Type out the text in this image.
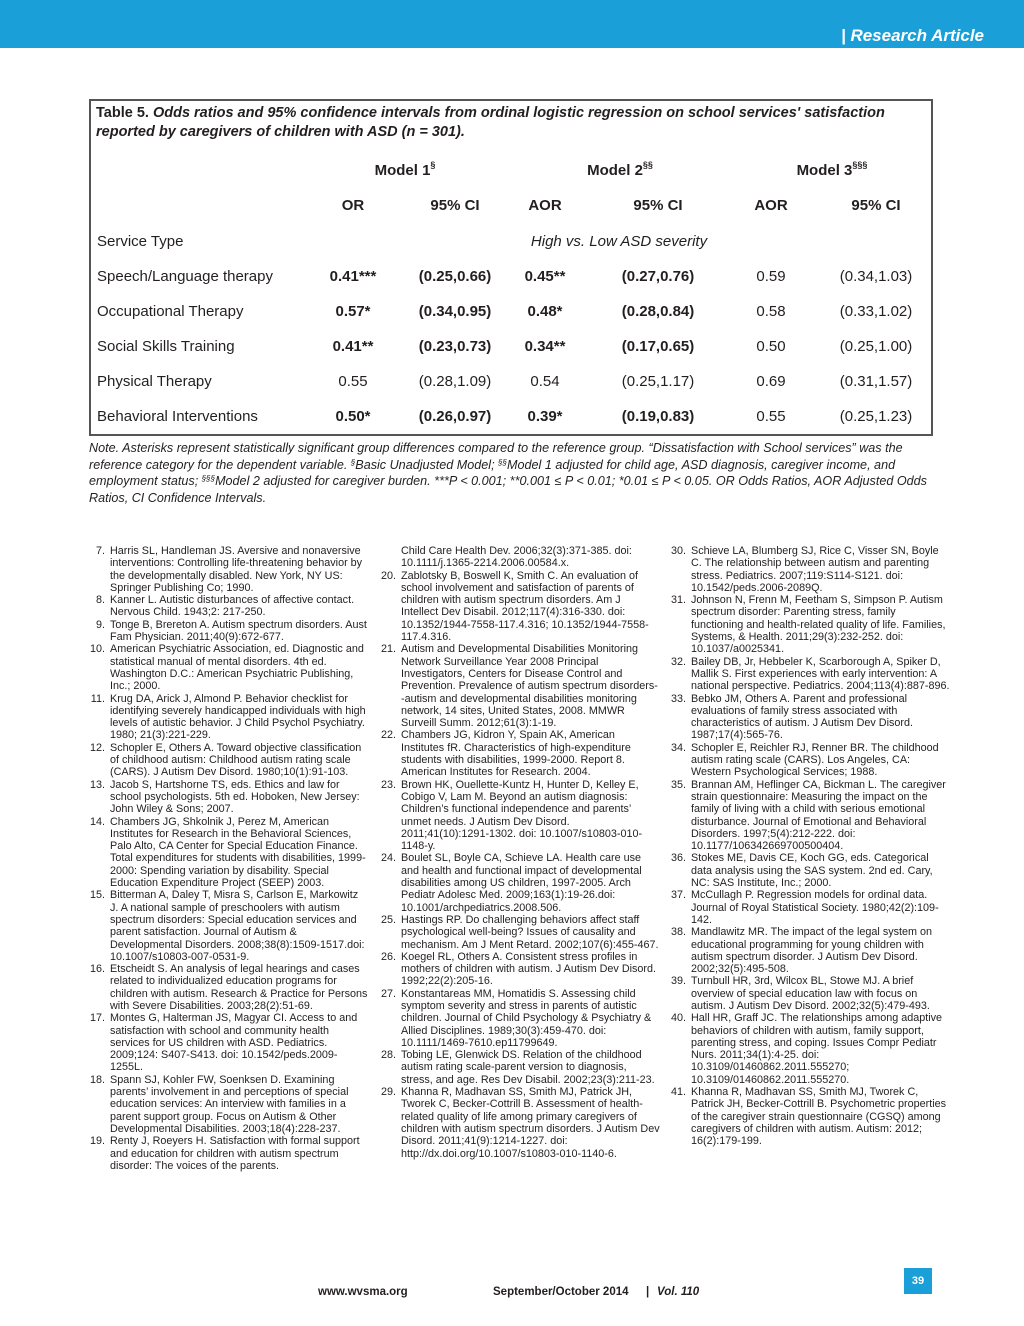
| Research Article
Table 5. Odds ratios and 95% confidence intervals from ordinal logistic regression on school services' satisfaction reported by caregivers of children with ASD (n = 301).
Model 1§	Model 2§§	Model 3§§§
OR	95% CI	AOR	95% CI	AOR	95% CI
Service Type	High vs. Low ASD severity
Speech/Language therapy	0.41***	(0.25,0.66) 0.45**	(0.27,0.76)	0.59	(0.34,1.03)
Occupational Therapy	0.57*	(0.34,0.95) 0.48*	(0.28,0.84)	0.58	(0.33,1.02)
Social Skills Training	0.41**	(0.23,0.73) 0.34**	(0.17,0.65)	0.50	(0.25,1.00)
Physical Therapy	0.55	(0.28,1.09)	0.54	(0.25,1.17)	0.69	(0.31,1.57)
Behavioral Interventions	0.50*	(0.26,0.97) 0.39*	(0.19,0.83)	0.55	(0.25,1.23)
Note. Asterisks represent statistically significant group differences compared to the reference group. “Dissatisfaction with School services” was the reference category for the dependent variable. §Basic Unadjusted Model; §§Model 1 adjusted for child age, ASD diagnosis, caregiver income, and employment status; §§§Model 2 adjusted for caregiver burden. ***P < 0.001; **0.001 ≤ P < 0.01; *0.01 ≤ P < 0.05. OR Odds Ratios, AOR Adjusted Odds Ratios, CI Confidence Intervals.
7. Harris SL, Handleman JS. Aversive and nonaversive interventions: Controlling life-threatening behavior by the developmentally disabled. New York, NY US: Springer Publishing Co; 1990.
8. Kanner L. Autistic disturbances of affective contact. Nervous Child. 1943;2: 217-250.
9. Tonge B, Brereton A. Autism spectrum disorders. Aust Fam Physician. 2011;40(9):672-677.
10. American Psychiatric Association, ed. Diagnostic and statistical manual of mental disorders. 4th ed. Washington D.C.: American Psychiatric Publishing, Inc.; 2000.
11. Krug DA, Arick J, Almond P. Behavior checklist for identifying severely handicapped individuals with high levels of autistic behavior. J Child Psychol Psychiatry. 1980; 21(3):221-229.
12. Schopler E, Others A. Toward objective classification of childhood autism: Childhood autism rating scale (CARS). J Autism Dev Disord. 1980;10(1):91-103.
13. Jacob S, Hartshorne TS, eds. Ethics and law for school psychologists. 5th ed. Hoboken, New Jersey: John Wiley & Sons; 2007.
14. Chambers JG, Shkolnik J, Perez M, American Institutes for Research in the Behavioral Sciences, Palo Alto, CA Center for Special Education Finance. Total expenditures for students with disabilities, 1999-2000: Spending variation by disability. Special Education Expenditure Project (SEEP) 2003.
15. Bitterman A, Daley T, Misra S, Carlson E, Markowitz J. A national sample of preschoolers with autism spectrum disorders: Special education services and parent satisfaction. Journal of Autism & Developmental Disorders. 2008;38(8):1509-1517.doi: 10.1007/s10803-007-0531-9.
16. Etscheidt S. An analysis of legal hearings and cases related to individualized education programs for children with autism. Research & Practice for Persons with Severe Disabilities. 2003;28(2):51-69.
17. Montes G, Halterman JS, Magyar CI. Access to and satisfaction with school and community health services for US children with ASD. Pediatrics. 2009;124: S407-S413. doi: 10.1542/peds.2009-1255L.
18. Spann SJ, Kohler FW, Soenksen D. Examining parents’ involvement in and perceptions of special education services: An interview with families in a parent support group. Focus on Autism & Other Developmental Disabilities. 2003;18(4):228-237.
19. Renty J, Roeyers H. Satisfaction with formal support and education for children with autism spectrum disorder: The voices of the parents.
Child Care Health Dev. 2006;32(3):371-385. doi: 10.1111/j.1365-2214.2006.00584.x.
20. Zablotsky B, Boswell K, Smith C. An evaluation of school involvement and satisfaction of parents of children with autism spectrum disorders. Am J Intellect Dev Disabil. 2012;117(4):316-330. doi: 10.1352/1944-7558-117.4.316; 10.1352/1944-7558-117.4.316.
21. Autism and Developmental Disabilities Monitoring Network Surveillance Year 2008 Principal Investigators, Centers for Disease Control and Prevention. Prevalence of autism spectrum disorders--autism and developmental disabilities monitoring network, 14 sites, United States, 2008. MMWR Surveill Summ. 2012;61(3):1-19.
22. Chambers JG, Kidron Y, Spain AK, American Institutes fR. Characteristics of high-expenditure students with disabilities, 1999-2000. Report 8. American Institutes for Research. 2004.
23. Brown HK, Ouellette-Kuntz H, Hunter D, Kelley E, Cobigo V, Lam M. Beyond an autism diagnosis: Children’s functional independence and parents’ unmet needs. J Autism Dev Disord. 2011;41(10):1291-1302. doi: 10.1007/s10803-010-1148-y.
24. Boulet SL, Boyle CA, Schieve LA. Health care use and health and functional impact of developmental disabilities among US children, 1997-2005. Arch Pediatr Adolesc Med. 2009;163(1):19-26.doi: 10.1001/archpediatrics.2008.506.
25. Hastings RP. Do challenging behaviors affect staff psychological well-being? Issues of causality and mechanism. Am J Ment Retard. 2002;107(6):455-467.
26. Koegel RL, Others A. Consistent stress profiles in mothers of children with autism. J Autism Dev Disord. 1992;22(2):205-16.
27. Konstantareas MM, Homatidis S. Assessing child symptom severity and stress in parents of autistic children. Journal of Child Psychology & Psychiatry & Allied Disciplines. 1989;30(3):459-470. doi: 10.1111/1469-7610.ep11799649.
28. Tobing LE, Glenwick DS. Relation of the childhood autism rating scale-parent version to diagnosis, stress, and age. Res Dev Disabil. 2002;23(3):211-23.
29. Khanna R, Madhavan SS, Smith MJ, Patrick JH, Tworek C, Becker-Cottrill B. Assessment of health-related quality of life among primary caregivers of children with autism spectrum disorders. J Autism Dev Disord. 2011;41(9):1214-1227. doi: http://dx.doi.org/10.1007/s10803-010-1140-6.
30. Schieve LA, Blumberg SJ, Rice C, Visser SN, Boyle C. The relationship between autism and parenting stress. Pediatrics. 2007;119:S114-S121. doi: 10.1542/peds.2006-2089Q.
31. Johnson N, Frenn M, Feetham S, Simpson P. Autism spectrum disorder: Parenting stress, family functioning and health-related quality of life. Families, Systems, & Health. 2011;29(3):232-252. doi: 10.1037/a0025341.
32. Bailey DB, Jr, Hebbeler K, Scarborough A, Spiker D, Mallik S. First experiences with early intervention: A national perspective. Pediatrics. 2004;113(4):887-896.
33. Bebko JM, Others A. Parent and professional evaluations of family stress associated with characteristics of autism. J Autism Dev Disord. 1987;17(4):565-76.
34. Schopler E, Reichler RJ, Renner BR. The childhood autism rating scale (CARS). Los Angeles, CA: Western Psychological Services; 1988.
35. Brannan AM, Heflinger CA, Bickman L. The caregiver strain questionnaire: Measuring the impact on the family of living with a child with serious emotional disturbance. Journal of Emotional and Behavioral Disorders. 1997;5(4):212-222. doi: 10.1177/106342669700500404.
36. Stokes ME, Davis CE, Koch GG, eds. Categorical data analysis using the SAS system. 2nd ed. Cary, NC: SAS Institute, Inc.; 2000.
37. McCullagh P. Regression models for ordinal data. Journal of Royal Statistical Society. 1980;42(2):109-142.
38. Mandlawitz MR. The impact of the legal system on educational programming for young children with autism spectrum disorder. J Autism Dev Disord. 2002;32(5):495-508.
39. Turnbull HR, 3rd, Wilcox BL, Stowe MJ. A brief overview of special education law with focus on autism. J Autism Dev Disord. 2002;32(5):479-493.
40. Hall HR, Graff JC. The relationships among adaptive behaviors of children with autism, family support, parenting stress, and coping. Issues Compr Pediatr Nurs. 2011;34(1):4-25. doi: 10.3109/01460862.2011.555270; 10.3109/01460862.2011.555270.
41. Khanna R, Madhavan SS, Smith MJ, Tworek C, Patrick JH, Becker-Cottrill B. Psychometric properties of the caregiver strain questionnaire (CGSQ) among caregivers of children with autism. Autism: 2012; 16(2):179-199.
www.wvsma.org	September/October 2014 | Vol. 110
39
